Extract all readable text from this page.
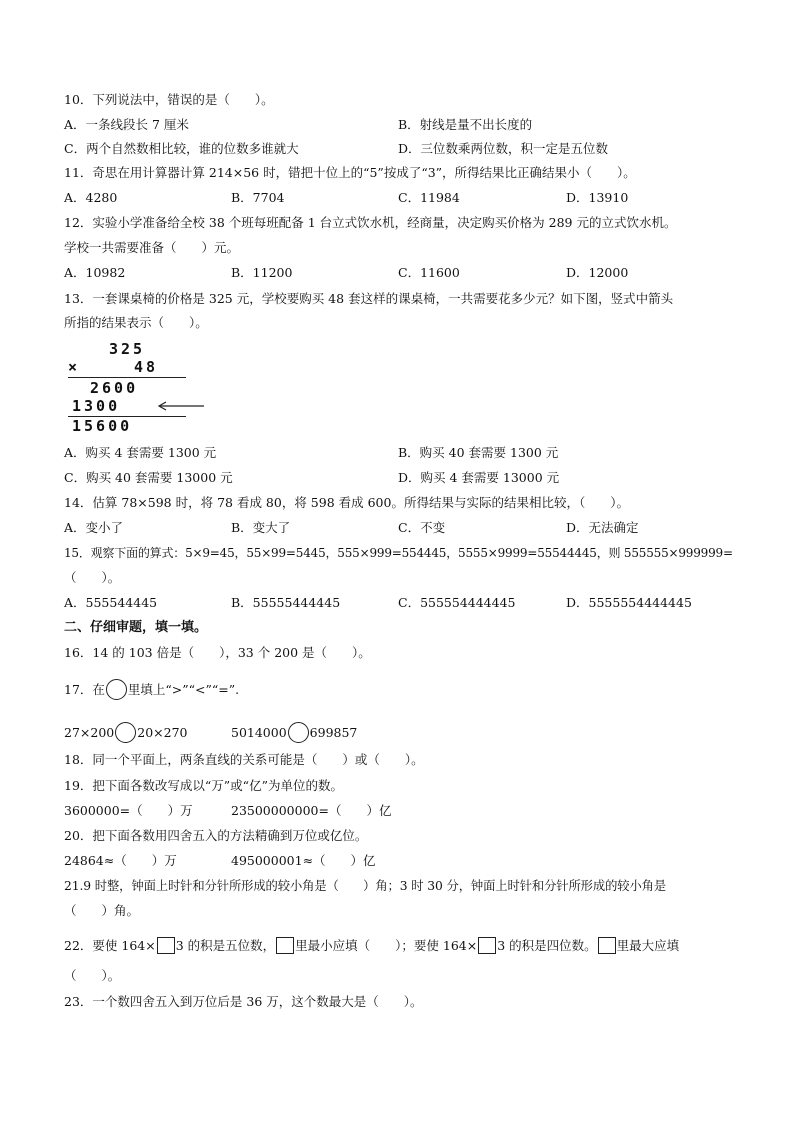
10．下列说法中，错误的是（　　）。
A．一条线段长 7 厘米	B．射线是量不出长度的
C．两个自然数相比较，谁的位数多谁就大	D．三位数乘两位数，积一定是五位数
11．奇思在用计算器计算 214×56 时，错把十位上的“5”按成了“3”，所得结果比正确结果小（　　）。
A．4280	B．7704	C．11984	D．13910
12．实验小学准备给全校 38 个班每班配备 1 台立式饮水机，经商量，决定购买价格为 289 元的立式饮水机。
学校一共需要准备（　　）元。
A．10982	B．11200	C．11600	D．12000
13．一套课桌椅的价格是 325 元，学校要购买 48 套这样的课桌椅，一共需要花多少元？如下图，竖式中箭头
所指的结果表示（　　）。
325
×	48
2600
1300
15600
A．购买 4 套需要 1300 元	B．购买 40 套需要 1300 元
C．购买 40 套需要 13000 元	D．购买 4 套需要 13000 元
14．估算 78×598 时，将 78 看成 80，将 598 看成 600。所得结果与实际的结果相比较，（　　）。
A．变小了	B．变大了	C．不变	D．无法确定
15．观察下面的算式：5×9=45，55×99=5445，555×999=554445，5555×9999=55544445，则 555555×999999=
（　　）。
A．555544445	B．55555444445	C．555554444445	D．5555554444445
二、仔细审题，填一填。
16．14 的 103 倍是（　　），33 个 200 是（　　）。
17．在 里填上“>”“<”“=”.
27×200 20×270	5014000 699857
18．同一个平面上，两条直线的关系可能是（　　）或（　　）。
19．把下面各数改写成以“万”或“亿”为单位的数。
3600000=（　　）万	23500000000=（　　）亿
20．把下面各数用四舍五入的方法精确到万位或亿位。
24864≈（　　）万	495000001≈（　　）亿
21.9 时整，钟面上时针和分针所形成的较小角是（　　）角；3 时 30 分，钟面上时针和分针所形成的较小角是
（　　）角。
22．要使 164× 3 的积是五位数， 里最小应填（　　）；要使 164× 3 的积是四位数。 里最大应填
（　　）。
23．一个数四舍五入到万位后是 36 万，这个数最大是（　　）。
